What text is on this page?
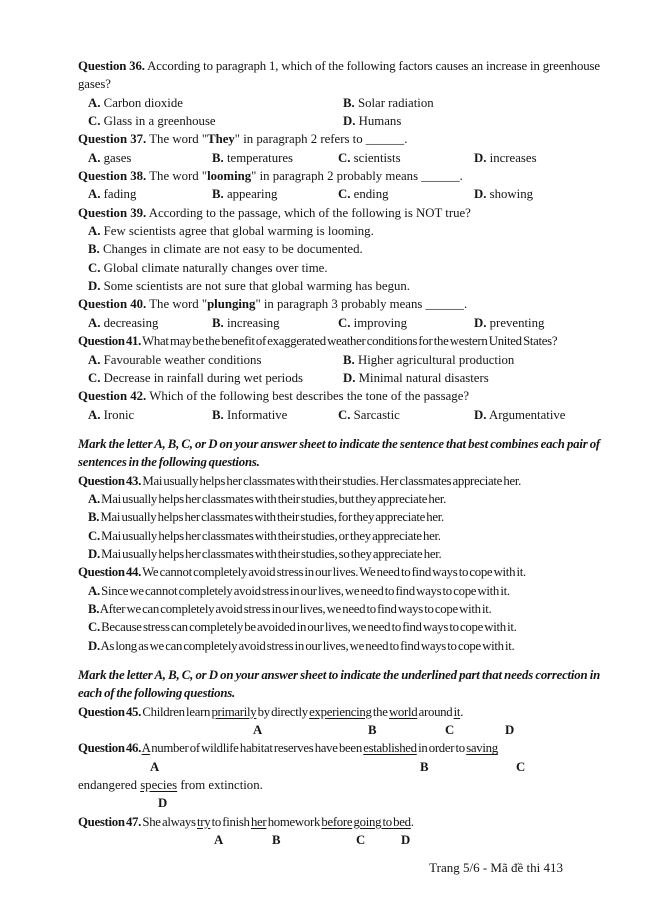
Question 36. According to paragraph 1, which of the following factors causes an increase in greenhouse gases?

A. Carbon dioxide	B. Solar radiation
C. Glass in a greenhouse	D. Humans

Question 37. The word "They" in paragraph 2 refers to ______.

A. gases	B. temperatures	C. scientists	D. increases

Question 38. The word "looming" in paragraph 2 probably means ______.

A. fading	B. appearing	C. ending	D. showing

Question 39. According to the passage, which of the following is NOT true?

A. Few scientists agree that global warming is looming.

B. Changes in climate are not easy to be documented.

C. Global climate naturally changes over time.

D. Some scientists are not sure that global warming has begun.

Question 40. The word "plunging" in paragraph 3 probably means ______.

A. decreasing	B. increasing	C. improving	D. preventing

Question 41. What may be the benefit of exaggerated weather conditions for the western United States?

A. Favourable weather conditions	B. Higher agricultural production
C. Decrease in rainfall during wet periods	D. Minimal natural disasters

Question 42. Which of the following best describes the tone of the passage?

A. Ironic	B. Informative	C. Sarcastic	D. Argumentative

Mark the letter A, B, C, or D on your answer sheet to indicate the sentence that best combines each pair of sentences in the following questions.

Question 43. Mai usually helps her classmates with their studies. Her classmates appreciate her.

A. Mai usually helps her classmates with their studies, but they appreciate her.

B. Mai usually helps her classmates with their studies, for they appreciate her.

C. Mai usually helps her classmates with their studies, or they appreciate her.

D. Mai usually helps her classmates with their studies, so they appreciate her.

Question 44. We cannot completely avoid stress in our lives. We need to find ways to cope with it.

A. Since we cannot completely avoid stress in our lives, we need to find ways to cope with it.

B. After we can completely avoid stress in our lives, we need to find ways to cope with it.

C. Because stress can completely be avoided in our lives, we need to find ways to cope with it.

D. As long as we can completely avoid stress in our lives, we need to find ways to cope with it.

Mark the letter A, B, C, or D on your answer sheet to indicate the underlined part that needs correction in each of the following questions.

Question 45. Children learn primarily by directly experiencing the world around it.

A	B	C	D

Question 46. A number of wildlife habitat reserves have been established in order to saving

A	B	C

endangered species from extinction.

D

Question 47. She always try to finish her homework before going to bed.

A	B	C	D
Trang 5/6 - Mã đề thi 413
